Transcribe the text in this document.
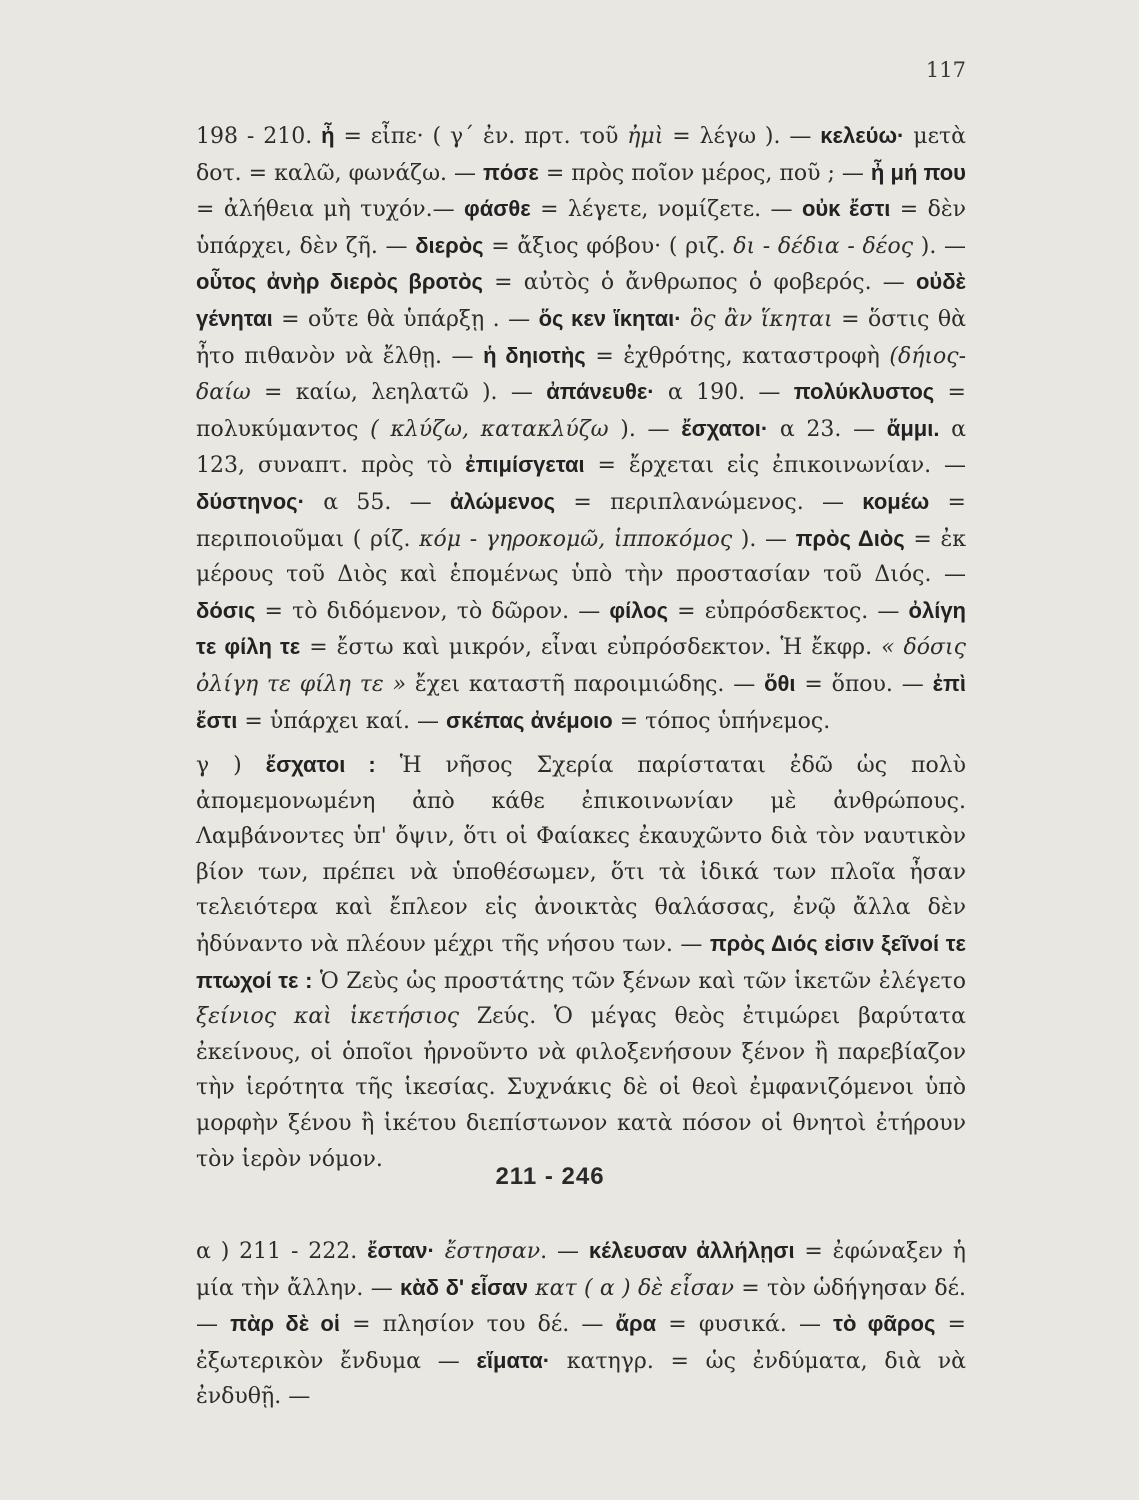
117

198 - 210. ἦ = εἶπε· ( γ΄ ἐν. πρτ. τοῦ ἠμὶ = λέγω ). — κελεύω· μετὰ δοτ. = καλῶ, φωνάζω. — πόσε = πρὸς ποῖον μέρος, ποῦ ; — ἦ μή που = ἀλήθεια μὴ τυχόν.— φάσθε = λέγετε, νομίζετε. — οὐκ ἔστι = δὲν ὑπάρχει, δὲν ζῆ. — διερὸς = ἄξιος φόβου· ( ριζ. δι - δέδια - δέος ). — οὗτος ἀνὴρ διερὸς βροτὸς = αὐτὸς ὁ ἄνθρωπος ὁ φοβερός. — οὐδὲ γένηται = οὔτε θὰ ὑπάρξῃ . — ὅς κεν ἵκηται· ὃς ἂν ἵκηται = ὅστις θὰ ἦτο πιθανὸν νὰ ἔλθῃ. — ἡ δηιοτὴς = ἐχθρότης, καταστροφὴ (δήιος-δαίω = καίω, λεηλατῶ ). — ἀπάνευθε· α 190. — πολύκλυστος = πολυκύμαντος ( κλύζω, κατακλύζω ). — ἔσχατοι· α 23. — ἄμμι. α 123, συναπτ. πρὸς τὸ ἐπιμίσγεται = ἔρχεται εἰς ἐπικοινωνίαν. — δύστηνος· α 55. — ἀλώμενος = περιπλανώμενος. — κομέω = περιποιοῦμαι ( ρίζ. κόμ - γηροκομῶ, ἱπποκόμος ). — πρὸς Διὸς = ἐκ μέρους τοῦ Διὸς καὶ ἑπομένως ὑπὸ τὴν προστασίαν τοῦ Διός. — δόσις = τὸ διδόμενον, τὸ δῶρον. — φίλος = εὐπρόσδεκτος. — ὀλίγη τε φίλη τε = ἔστω καὶ μικρόν, εἶναι εὐπρόσδεκτον. Ἡ ἔκφρ. « δόσις ὀλίγη τε φίλη τε » ἔχει καταστῆ παροιμιώδης. — ὅθι = ὅπου. — ἐπὶ ἔστι = ὑπάρχει καί. — σκέπας ἀνέμοιο = τόπος ὑπήνεμος.

γ ) ἔσχατοι : Ἡ νῆσος Σχερία παρίσταται ἐδῶ ὡς πολὺ ἀπομεμονωμένη ἀπὸ κάθε ἐπικοινωνίαν μὲ ἀνθρώπους. Λαμβάνοντες ὑπ' ὄψιν, ὅτι οἱ Φαίακες ἐκαυχῶντο διὰ τὸν ναυτικὸν βίον των, πρέπει νὰ ὑποθέσωμεν, ὅτι τὰ ἰδικά των πλοῖα ἦσαν τελειότερα καὶ ἔπλεον εἰς ἀνοικτὰς θαλάσσας, ἐνῷ ἄλλα δὲν ἠδύναντο νὰ πλέουν μέχρι τῆς νήσου των. — πρὸς Διός εἰσιν ξεῖνοί τε πτωχοί τε : Ὁ Ζεὺς ὡς προστάτης τῶν ξένων καὶ τῶν ἱκετῶν ἐλέγετο ξείνιος καὶ ἱκετήσιος Ζεύς. Ὁ μέγας θεὸς ἐτιμώρει βαρύτατα ἐκείνους, οἱ ὁποῖοι ἠρνοῦντο νὰ φιλοξενήσουν ξένον ἢ παρεβίαζον τὴν ἱερότητα τῆς ἱκεσίας. Συχνάκις δὲ οἱ θεοὶ ἐμφανιζόμενοι ὑπὸ μορφὴν ξένου ἢ ἱκέτου διεπίστωνον κατὰ πόσον οἱ θνητοὶ ἐτήρουν τὸν ἱερὸν νόμον.

211 - 246

α ) 211 - 222. ἔσταν· ἔστησαν. — κέλευσαν ἀλλήλῃσι = ἐφώναξεν ἡ μία τὴν ἄλλην. — κὰδ δ' εἷσαν κατ ( α ) δὲ εἷσαν = τὸν ὡδήγησαν δέ. — πὰρ δὲ οἱ = πλησίον του δέ. — ἄρα = φυσικά. — τὸ φᾶρος = ἐξωτερικὸν ἔνδυμα — εἵματα· κατηγρ. = ὡς ἐνδύματα, διὰ νὰ ἐνδυθῇ. —
